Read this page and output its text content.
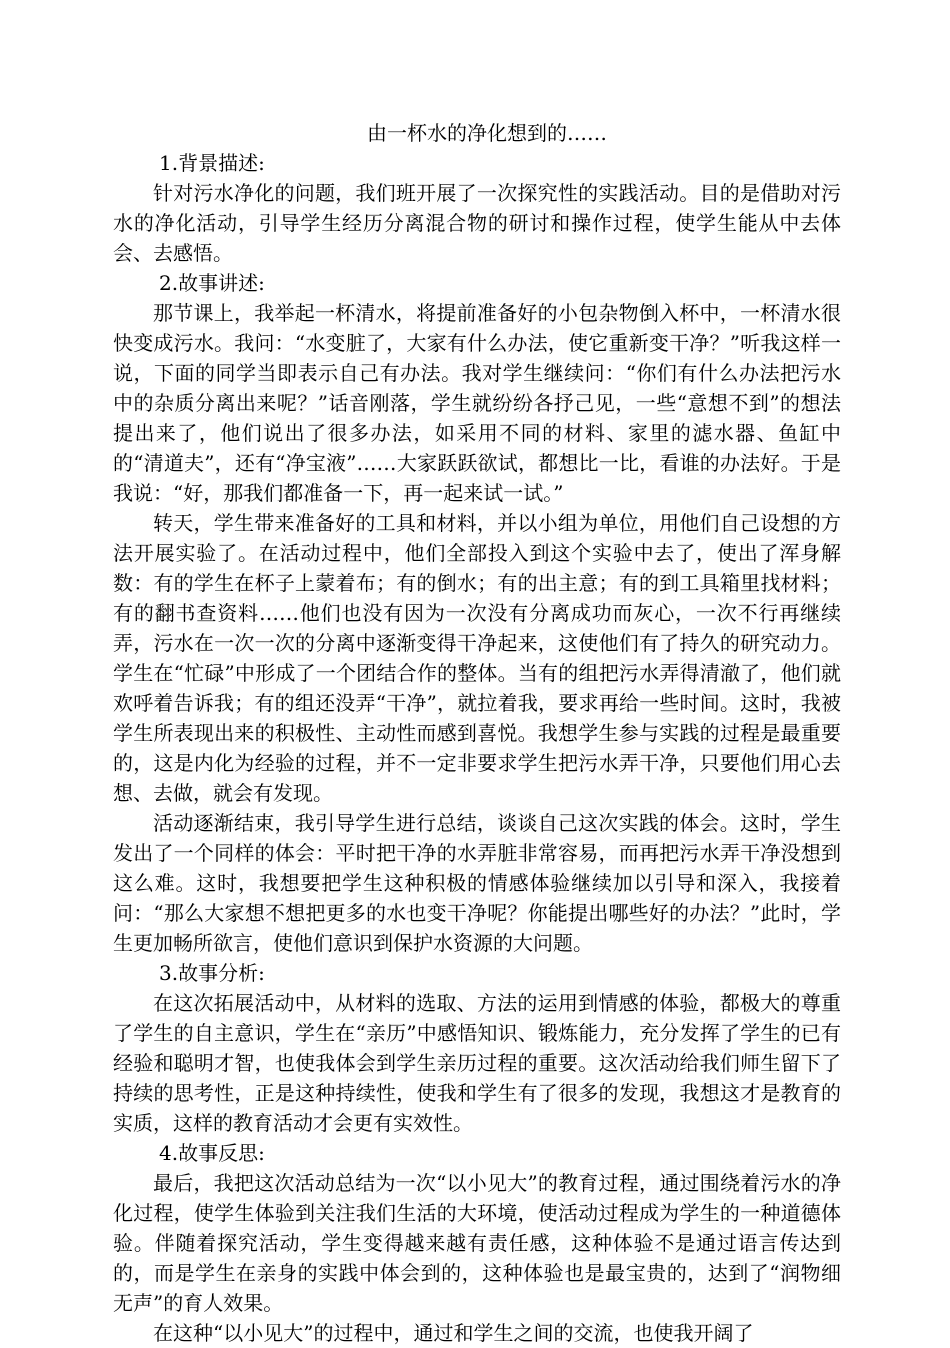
由一杯水的净化想到的……
1.背景描述:

针对污水净化的问题，我们班开展了一次探究性的实践活动。目的是借助对污水的净化活动，引导学生经历分离混合物的研讨和操作过程，使学生能从中去体会、去感悟。

2.故事讲述:

那节课上，我举起一杯清水，将提前准备好的小包杂物倒入杯中，一杯清水很快变成污水。我问：“水变脏了，大家有什么办法，使它重新变干净？”听我这样一说，下面的同学当即表示自己有办法。我对学生继续问：“你们有什么办法把污水中的杂质分离出来呢？”话音刚落，学生就纷纷各抒己见，一些“意想不到”的想法提出来了，他们说出了很多办法，如采用不同的材料、家里的滤水器、鱼缸中的“清道夫”，还有“净宝液”……大家跃跃欲试，都想比一比，看谁的办法好。于是我说：“好，那我们都准备一下，再一起来试一试。”

转天，学生带来准备好的工具和材料，并以小组为单位，用他们自己设想的方法开展实验了。在活动过程中，他们全部投入到这个实验中去了，使出了浑身解数：有的学生在杯子上蒙着布；有的倒水；有的出主意；有的到工具箱里找材料；有的翻书查资料……他们也没有因为一次没有分离成功而灰心，一次不行再继续弄，污水在一次一次的分离中逐渐变得干净起来，这使他们有了持久的研究动力。学生在“忙碌”中形成了一个团结合作的整体。当有的组把污水弄得清澈了，他们就欢呼着告诉我；有的组还没弄“干净”，就拉着我，要求再给一些时间。这时，我被学生所表现出来的积极性、主动性而感到喜悦。我想学生参与实践的过程是最重要的，这是内化为经验的过程，并不一定非要求学生把污水弄干净，只要他们用心去想、去做，就会有发现。

活动逐渐结束，我引导学生进行总结，谈谈自己这次实践的体会。这时，学生发出了一个同样的体会：平时把干净的水弄脏非常容易，而再把污水弄干净没想到这么难。这时，我想要把学生这种积极的情感体验继续加以引导和深入，我接着问：“那么大家想不想把更多的水也变干净呢？你能提出哪些好的办法？”此时，学生更加畅所欲言，使他们意识到保护水资源的大问题。

3.故事分析:

在这次拓展活动中，从材料的选取、方法的运用到情感的体验，都极大的尊重了学生的自主意识，学生在“亲历”中感悟知识、锻炼能力，充分发挥了学生的已有经验和聪明才智，也使我体会到学生亲历过程的重要。这次活动给我们师生留下了持续的思考性，正是这种持续性，使我和学生有了很多的发现，我想这才是教育的实质，这样的教育活动才会更有实效性。

4.故事反思:

最后，我把这次活动总结为一次“以小见大”的教育过程，通过围绕着污水的净化过程，使学生体验到关注我们生活的大环境，使活动过程成为学生的一种道德体验。伴随着探究活动，学生变得越来越有责任感，这种体验不是通过语言传达到的，而是学生在亲身的实践中体会到的，这种体验也是最宝贵的，达到了“润物细无声”的育人效果。

在这种“以小见大”的过程中，通过和学生之间的交流，也使我开阔了
